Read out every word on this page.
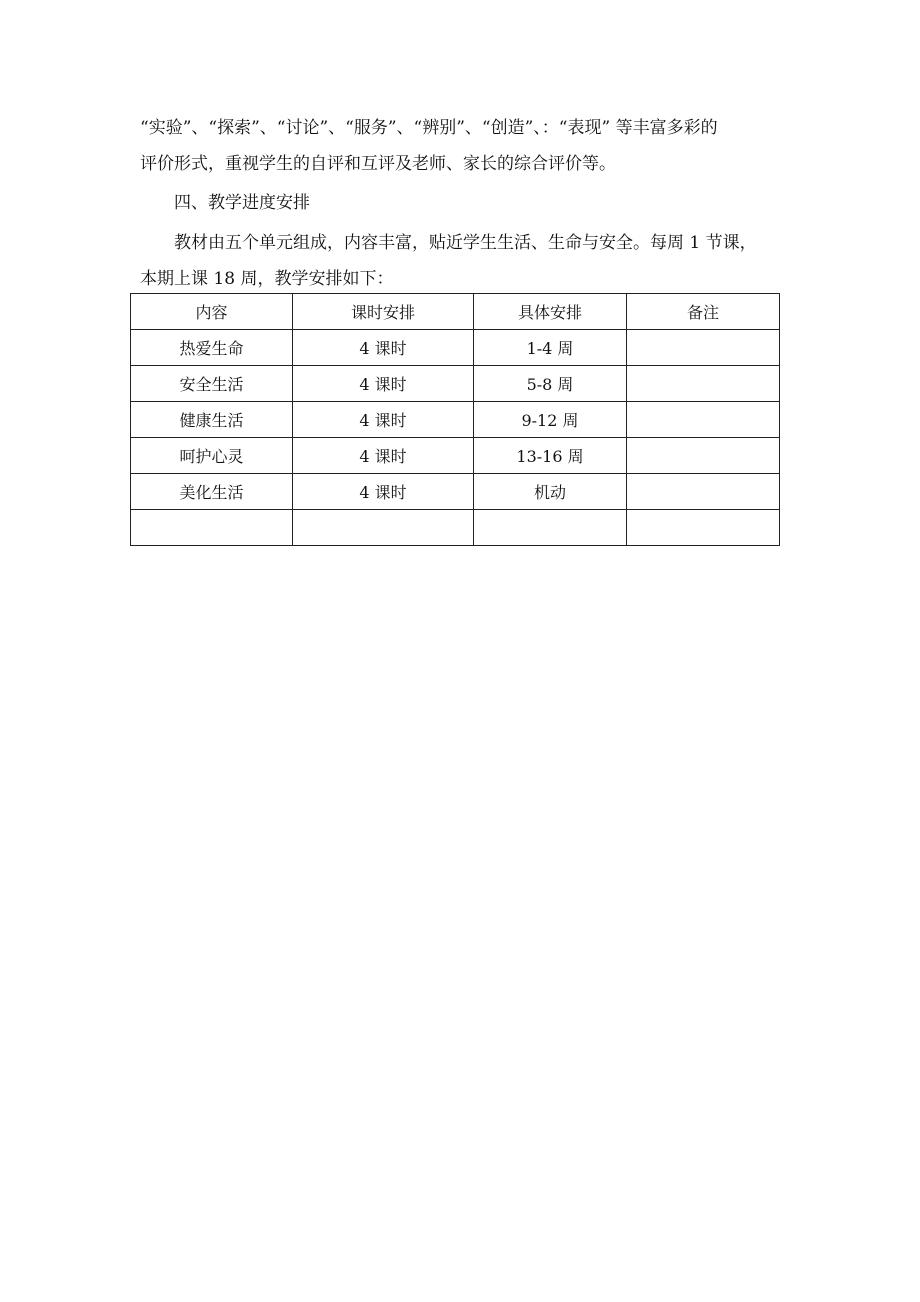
“实验”、“探索”、“讨论”、“服务”、“辨别”、“创造”、：“表现” 等丰富多彩的
评价形式，重视学生的自评和互评及老师、家长的综合评价等。
四、教学进度安排
教材由五个单元组成，内容丰富，贴近学生生活、生命与安全。每周 1 节课，
本期上课 18 周，教学安排如下：
内容	课时安排	具体安排	备注
热爱生命	4 课时	1-4 周	
安全生活	4 课时	5-8 周	
健康生活	4 课时	9-12 周	
呵护心灵	4 课时	13-16 周	
美化生活	4 课时	机动	
